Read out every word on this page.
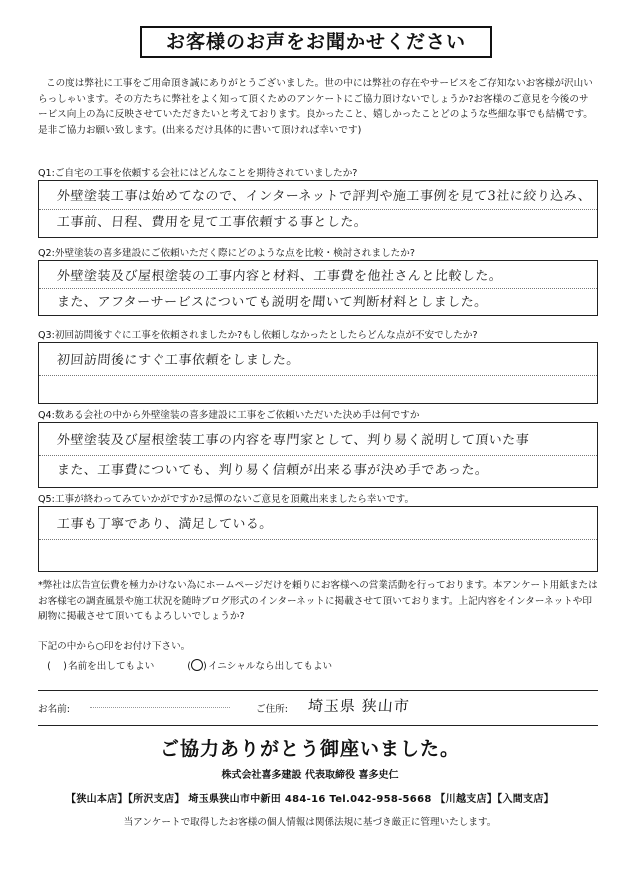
お客様のお声をお聞かせください
この度は弊社に工事をご用命頂き誠にありがとうございました。世の中には弊社の存在やサービスをご存知ないお客様が沢山いらっしゃいます。その方たちに弊社をよく知って頂くためのアンケートにご協力頂けないでしょうか?お客様のご意見を今後のサービス向上の為に反映させていただきたいと考えております。良かったこと、嬉しかったことどのような些細な事でも結構です。是非ご協力お願い致します。(出来るだけ具体的に書いて頂ければ幸いです)
Q1:ご自宅の工事を依頼する会社にはどんなことを期待されていましたか?
外壁塗装工事は始めてなので、インターネットで評判や施工事例を見て3社に絞り込み、
工事前、日程、費用を見て工事依頼する事とした。
Q2:外壁塗装の喜多建設にご依頼いただく際にどのような点を比較・検討されましたか?
外壁塗装及び屋根塗装の工事内容と材料、工事費を他社さんと比較した。
また、アフターサービスについても説明を聞いて判断材料としました。
Q3:初回訪問後すぐに工事を依頼されましたか?もし依頼しなかったとしたらどんな点が不安でしたか?
初回訪問後にすぐ工事依頼をしました。
Q4:数ある会社の中から外壁塗装の喜多建設に工事をご依頼いただいた決め手は何ですか
外壁塗装及び屋根塗装工事の内容を専門家として、判り易く説明して頂いた事
また、工事費についても、判り易く信頼が出来る事が決め手であった。
Q5:工事が終わってみていかがですか?忌憚のないご意見を頂戴出来ましたら幸いです。
工事も丁寧であり、満足している。
*弊社は広告宣伝費を極力かけない為にホームページだけを頼りにお客様への営業活動を行っております。本アンケート用紙またはお客様宅の調査風景や施工状況を随時ブログ形式のインターネットに掲載させて頂いております。上記内容をインターネットや印刷物に掲載させて頂いてもよろしいでしょうか?
下記の中から○印をお付け下さい。
(    )名前を出してもよい	( )イニシャルなら出してもよい
お名前:	ご住所: 埼玉県 狭山市
ご協力ありがとう御座いました。
株式会社喜多建設 代表取締役 喜多史仁
【狭山本店】【所沢支店】 埼玉県狭山市中新田 484-16 Tel.042-958-5668 【川越支店】【入間支店】
当アンケートで取得したお客様の個人情報は関係法規に基づき厳正に管理いたします。
